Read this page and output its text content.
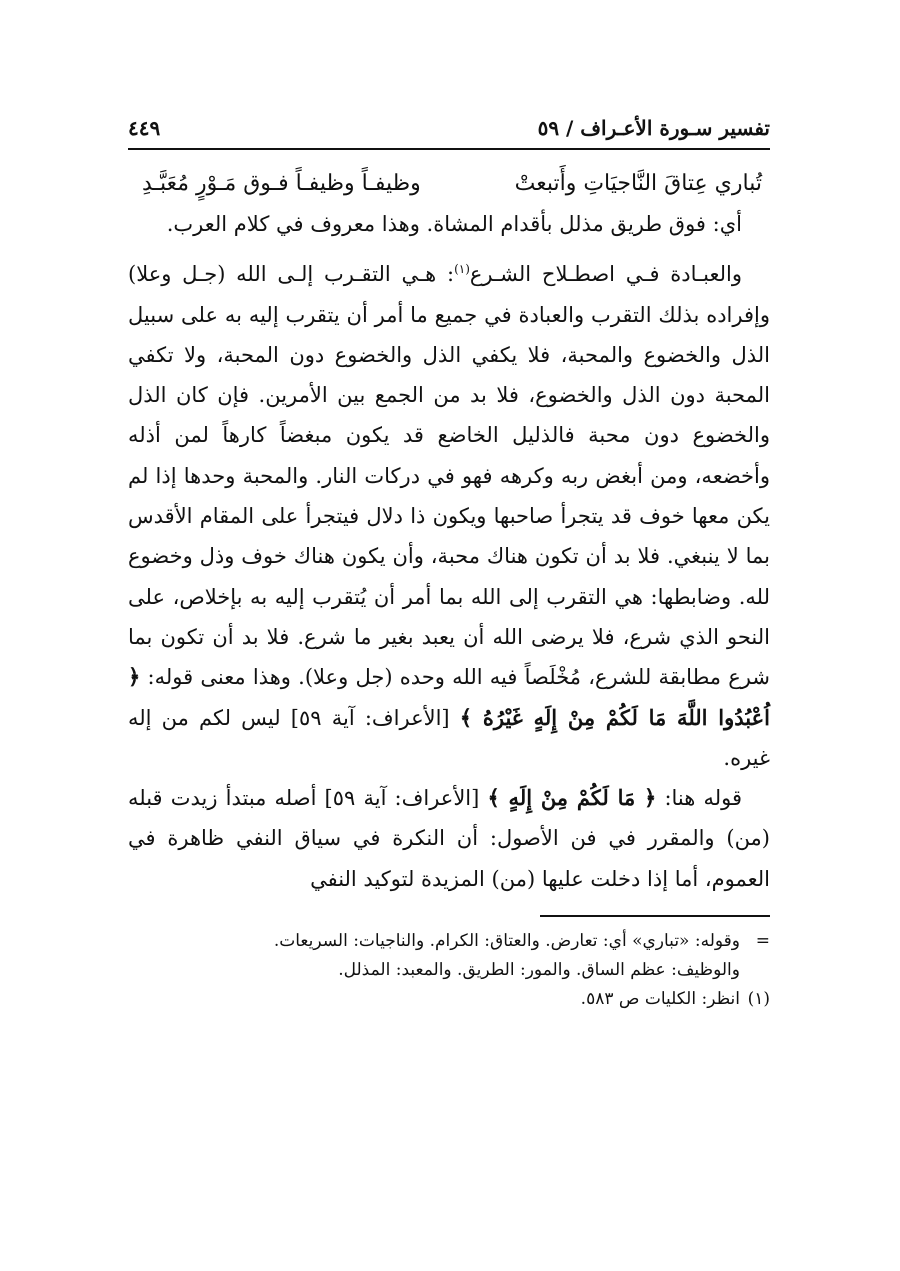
تفسير سـورة الأعـراف / ٥٩
٤٤٩
تُباري عِتاقَ النَّاجيَاتِ وأَتبعتْ
وظيفـاً وظيفـاً فـوق مَـوْرٍ مُعَبَّـدِ

أي: فوق طريق مذلل بأقدام المشاة. وهذا معروف في كلام العرب.

والعبـادة فـي اصطـلاح الشـرع$^{(١)}$: هـي التقـرب إلـى الله (جـل وعلا) وإفراده بذلك التقرب والعبادة في جميع ما أمر أن يتقرب إليه به على سبيل الذل والخضوع والمحبة، فلا يكفي الذل والخضوع دون المحبة، ولا تكفي المحبة دون الذل والخضوع، فلا بد من الجمع بين الأمرين. فإن كان الذل والخضوع دون محبة فالذليل الخاضع قد يكون مبغضاً كارهاً لمن أذله وأخضعه، ومن أبغض ربه وكرهه فهو في دركات النار. والمحبة وحدها إذا لم يكن معها خوف قد يتجرأ صاحبها ويكون ذا دلال فيتجرأ على المقام الأقدس بما لا ينبغي. فلا بد أن تكون هناك محبة، وأن يكون هناك خوف وذل وخضوع لله. وضابطها: هي التقرب إلى الله بما أمر أن يُتقرب إليه به بإخلاص، على النحو الذي شرع، فلا يرضى الله أن يعبد بغير ما شرع. فلا بد أن تكون بما شرع مطابقة للشرع، مُخْلَصاً فيه الله وحده (جل وعلا). وهذا معنى قوله: ﴿ اُعْبُدُوا اللَّهَ مَا لَكُمْ مِنْ إِلَهٍ غَيْرُهُ ﴾ [الأعراف: آية ٥٩] ليس لكم من إله غيره.

قوله هنا: ﴿ مَا لَكُمْ مِنْ إِلَهٍ ﴾ [الأعراف: آية ٥٩] أصله مبتدأ زيدت قبله (من) والمقرر في فن الأصول: أن النكرة في سياق النفي ظاهرة في العموم، أما إذا دخلت عليها (من) المزيدة لتوكيد النفي

=
وقوله: «تباري» أي: تعارض. والعتاق: الكرام. والناجيات: السريعات.
والوظيف: عظم الساق. والمور: الطريق. والمعبد: المذلل.
(١)
انظر: الكليات ص ٥٨٣.
